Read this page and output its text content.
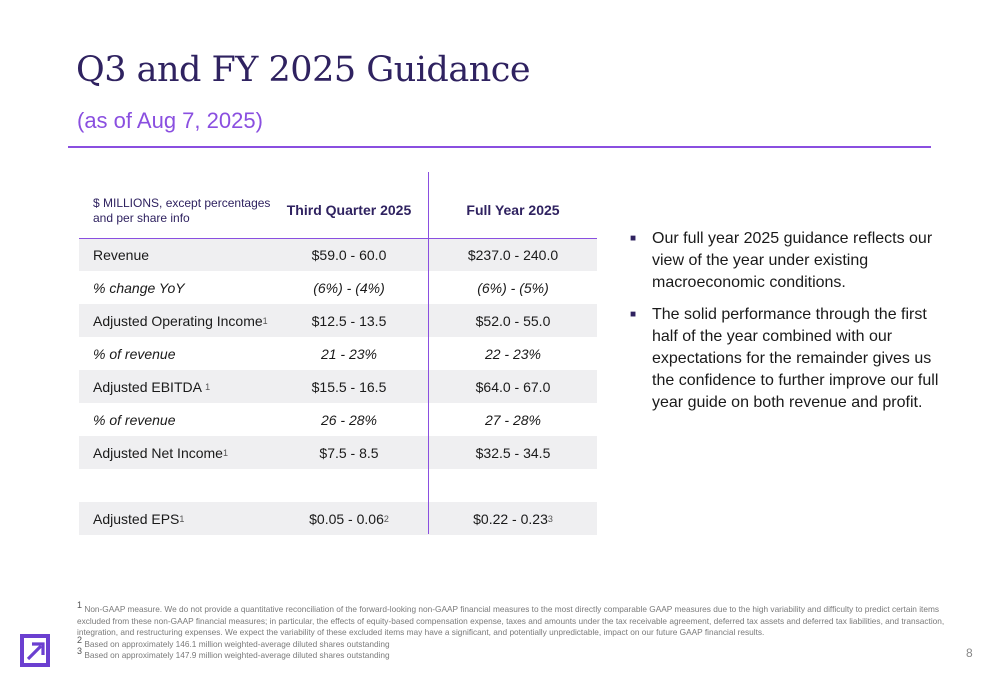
Q3 and FY 2025 Guidance
(as of Aug 7, 2025)
$ MILLIONS, except percentages and per share info	Third Quarter 2025	Full Year 2025
Revenue	$59.0 - 60.0	$237.0 - 240.0
% change YoY	(6%) - (4%)	(6%) - (5%)
Adjusted Operating Income 1	$12.5 - 13.5	$52.0 - 55.0
% of revenue	21 - 23%	22 - 23%
Adjusted EBITDA 1	$15.5 - 16.5	$64.0 - 67.0
% of revenue	26 - 28%	27 - 28%
Adjusted Net Income 1	$7.5 - 8.5	$32.5 - 34.5
Adjusted EPS 1	$0.05 - 0.06 2	$0.22 - 0.23 3
■ Our full year 2025 guidance reflects our view of the year under existing macroeconomic conditions.
■ The solid performance through the first half of the year combined with our expectations for the remainder gives us the confidence to further improve our full year guide on both revenue and profit.

$^1$ Non-GAAP measure. We do not provide a quantitative reconciliation of the forward-looking non-GAAP financial measures to the most directly comparable GAAP measures due to the high variability and difficulty to predict certain items excluded from these non-GAAP financial measures; in particular, the effects of equity-based compensation expense, taxes and amounts under the tax receivable agreement, deferred tax assets and deferred tax liabilities, and transaction, integration, and restructuring expenses. We expect the variability of these excluded items may have a significant, and potentially unpredictable, impact on our future GAAP financial results.

$^2$ Based on approximately 146.1 million weighted-average diluted shares outstanding

$^3$ Based on approximately 147.9 million weighted-average diluted shares outstanding	8
